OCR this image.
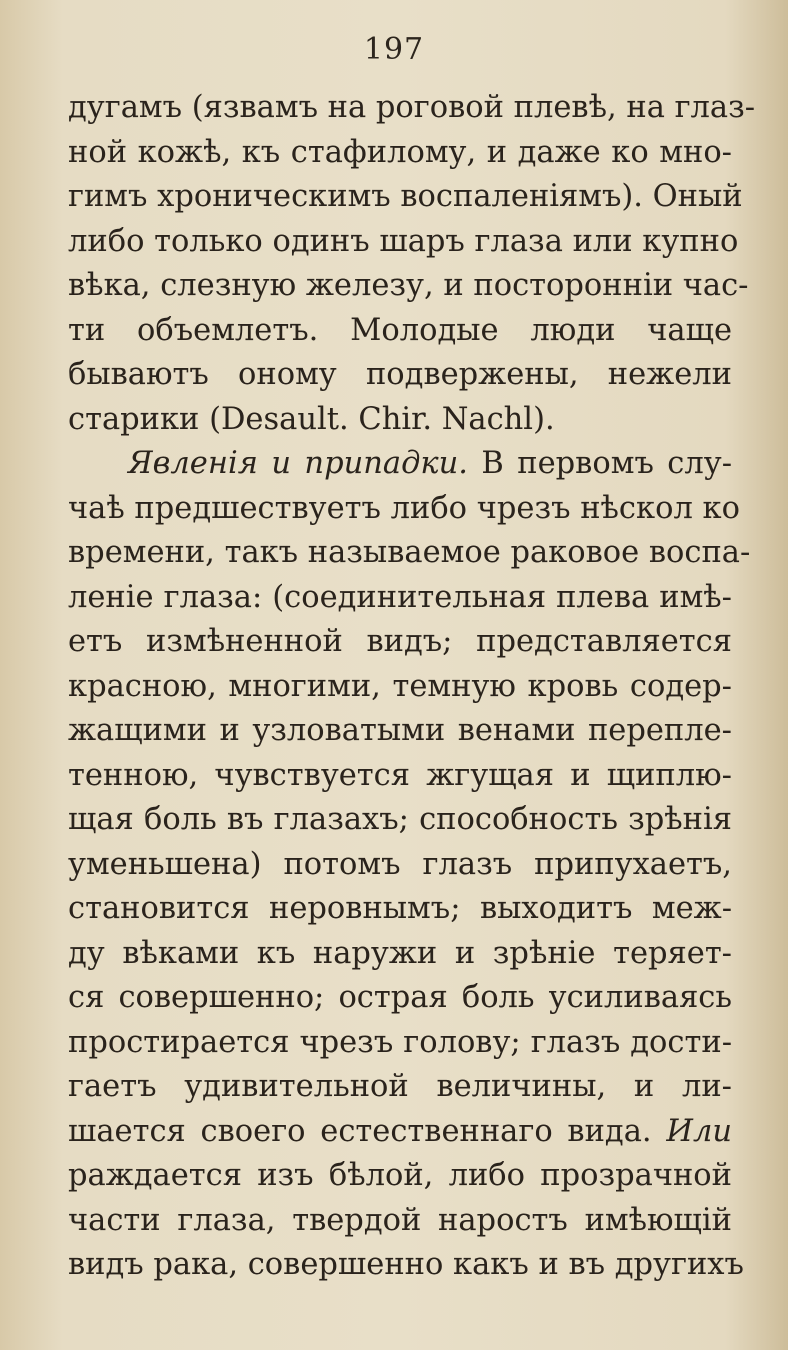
197
дугамъ (язвамъ на роговой плевѣ, на глаз-
ной кожѣ, къ стафилому, и даже ко мно-
гимъ хроническимъ воспаленіямъ). Оный
либо только одинъ шаръ глаза или купно
вѣка, слезную железу, и посторонніи час-
ти объемлетъ. Молодые люди чаще
бываютъ оному подвержены, нежели
старики (Desault. Chir. Nachl).
Явленія и припадки. В первомъ слу-
чаѣ предшествуетъ либо чрезъ нѣскол ко
времени, такъ называемое раковое воспа-
леніе глаза: (соединительная плева имѣ-
етъ измѣненной видъ; представляется
красною, многими, темную кровь содер-
жащими и узловатыми венами перепле-
тенною, чувствуется жгущая и щиплю-
щая боль въ глазахъ; способность зрѣнія
уменьшена) потомъ глазъ припухаетъ,
становится неровнымъ; выходитъ меж-
ду вѣками къ наружи и зрѣніе теряет-
ся совершенно; острая боль усиливаясь
простирается чрезъ голову; глазъ дости-
гаетъ удивительной величины, и ли-
шается своего естественнаго вида. Или
раждается изъ бѣлой, либо прозрачной
части глаза, твердой наростъ имѣющій
видъ рака, совершенно какъ и въ другихъ
